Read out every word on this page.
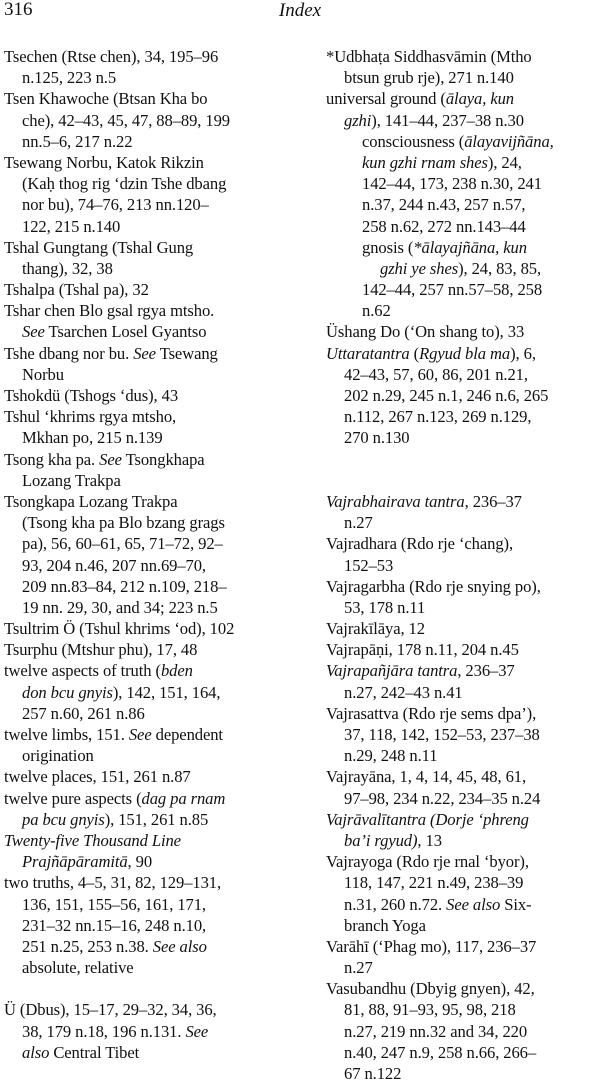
316	Index
Tsechen (Rtse chen), 34, 195–96
n.125, 223 n.5
Tsen Khawoche (Btsan Kha bo
che), 42–43, 45, 47, 88–89, 199
nn.5–6, 217 n.22
Tsewang Norbu, Katok Rikzin
(Kaḥ thog rig ‘dzin Tshe dbang
nor bu), 74–76, 213 nn.120–
122, 215 n.140
Tshal Gungtang (Tshal Gung
thang), 32, 38
Tshalpa (Tshal pa), 32
Tshar chen Blo gsal rgya mtsho.
See Tsarchen Losel Gyantso
Tshe dbang nor bu. See Tsewang
Norbu
Tshokdü (Tshogs ‘dus), 43
Tshul ‘khrims rgya mtsho,
Mkhan po, 215 n.139
Tsong kha pa. See Tsongkhapa
Lozang Trakpa
Tsongkapa Lozang Trakpa
(Tsong kha pa Blo bzang grags
pa), 56, 60–61, 65, 71–72, 92–
93, 204 n.46, 207 nn.69–70,
209 nn.83–84, 212 n.109, 218–
19 nn. 29, 30, and 34; 223 n.5
Tsultrim Ö (Tshul khrims ‘od), 102
Tsurphu (Mtshur phu), 17, 48
twelve aspects of truth (bden
don bcu gnyis), 142, 151, 164,
257 n.60, 261 n.86
twelve limbs, 151. See dependent
origination
twelve places, 151, 261 n.87
twelve pure aspects (dag pa rnam
pa bcu gnyis), 151, 261 n.85
Twenty-five Thousand Line
Prajñāpāramitā, 90
two truths, 4–5, 31, 82, 129–131,
136, 151, 155–56, 161, 171,
231–32 nn.15–16, 248 n.10,
251 n.25, 253 n.38. See also
absolute, relative
Ü (Dbus), 15–17, 29–32, 34, 36,
38, 179 n.18, 196 n.131. See
also Central Tibet
*Udbhaṭa Siddhasvāmin (Mtho
btsun grub rje), 271 n.140
universal ground (ālaya, kun
gzhi), 141–44, 237–38 n.30
consciousness (ālayavijñāna,
kun gzhi rnam shes), 24,
142–44, 173, 238 n.30, 241
n.37, 244 n.43, 257 n.57,
258 n.62, 272 nn.143–44
gnosis (*ālayajñāna, kun
gzhi ye shes), 24, 83, 85,
142–44, 257 nn.57–58, 258
n.62
Üshang Do (‘On shang to), 33
Uttaratantra (Rgyud bla ma), 6,
42–43, 57, 60, 86, 201 n.21,
202 n.29, 245 n.1, 246 n.6, 265
n.112, 267 n.123, 269 n.129,
270 n.130
Vajrabhairava tantra, 236–37
n.27
Vajradhara (Rdo rje ‘chang),
152–53
Vajragarbha (Rdo rje snying po),
53, 178 n.11
Vajrakīlāya, 12
Vajrapāṇi, 178 n.11, 204 n.45
Vajrapañjāra tantra, 236–37
n.27, 242–43 n.41
Vajrasattva (Rdo rje sems dpa’),
37, 118, 142, 152–53, 237–38
n.29, 248 n.11
Vajrayāna, 1, 4, 14, 45, 48, 61,
97–98, 234 n.22, 234–35 n.24
Vajrāvalītantra (Dorje ‘phreng
ba’i rgyud), 13
Vajrayoga (Rdo rje rnal ‘byor),
118, 147, 221 n.49, 238–39
n.31, 260 n.72. See also Six-
branch Yoga
Varāhī (‘Phag mo), 117, 236–37
n.27
Vasubandhu (Dbyig gnyen), 42,
81, 88, 91–93, 95, 98, 218
n.27, 219 nn.32 and 34, 220
n.40, 247 n.9, 258 n.66, 266–
67 n.122
